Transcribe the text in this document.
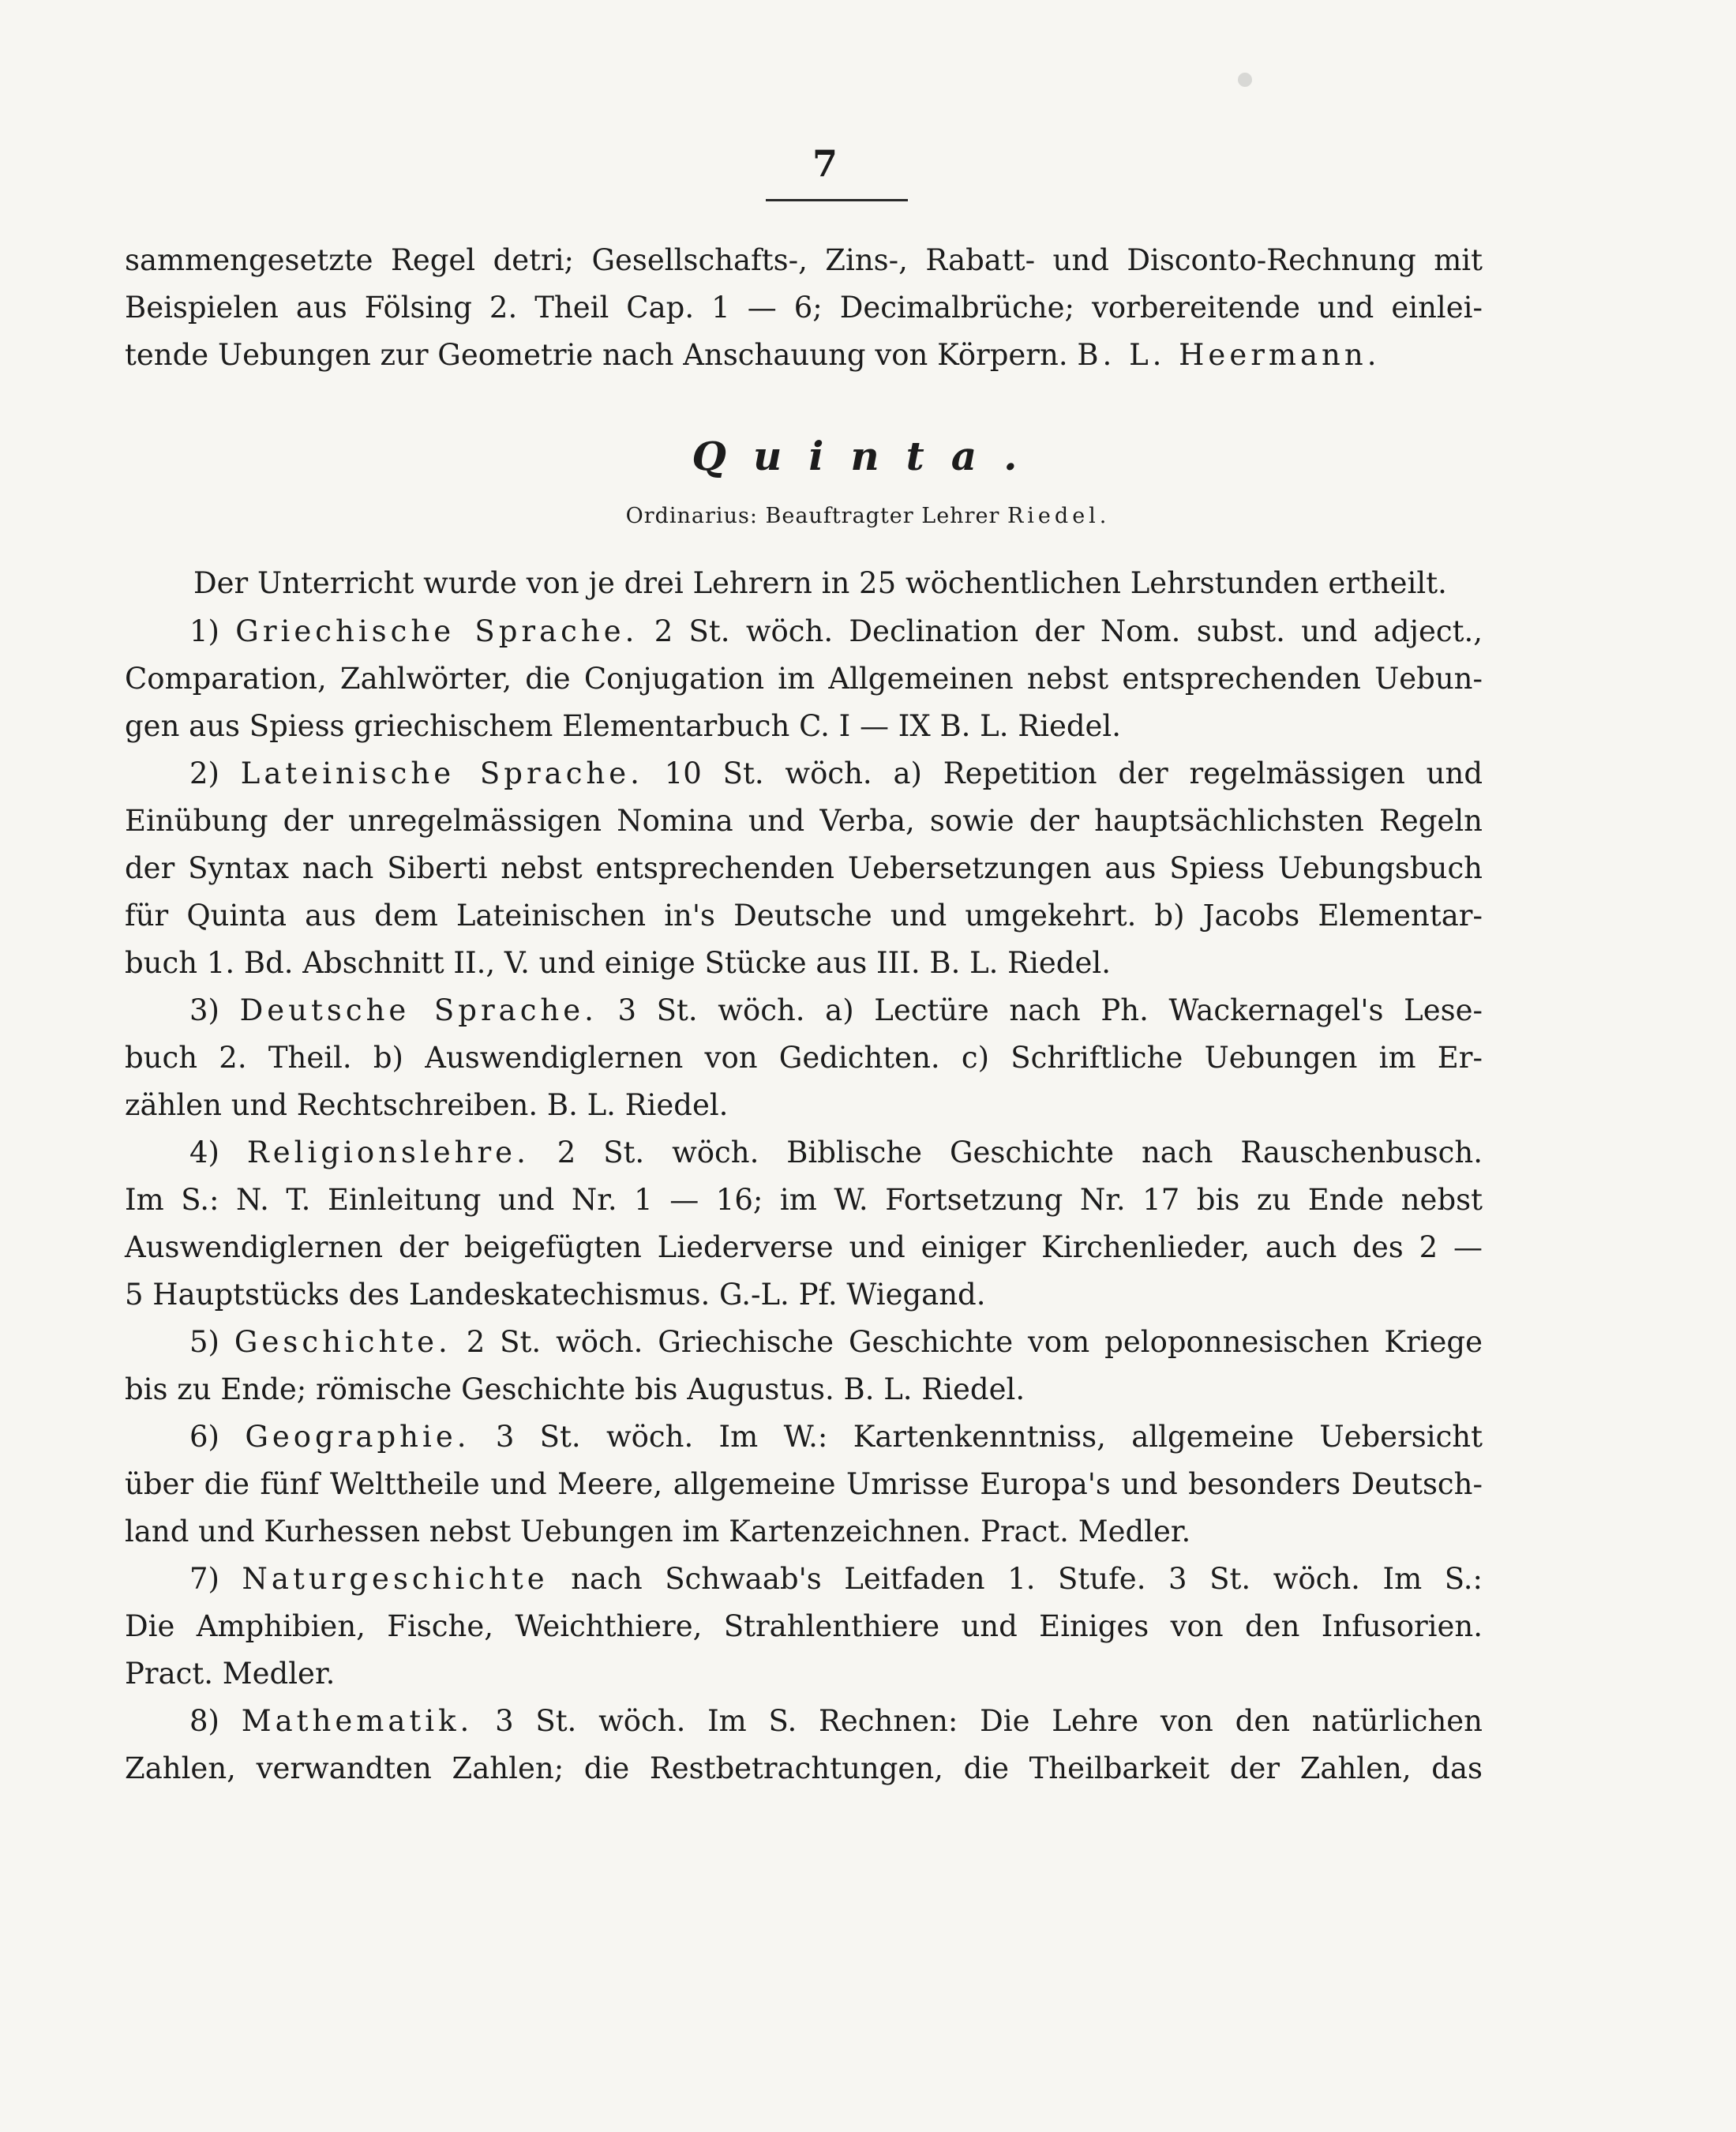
7
sammengesetzte Regel detri; Gesellschafts-, Zins-, Rabatt- und Disconto-Rechnung mit
Beispielen aus Fölsing 2. Theil Cap. 1 — 6; Decimalbrüche; vorbereitende und einlei-
tende Uebungen zur Geometrie nach Anschauung von Körpern. B. L. Heermann.
Quinta.
Ordinarius: Beauftragter Lehrer Riedel.
Der Unterricht wurde von je drei Lehrern in 25 wöchentlichen Lehrstunden ertheilt.
1) Griechische Sprache. 2 St. wöch. Declination der Nom. subst. und adject.,
Comparation, Zahlwörter, die Conjugation im Allgemeinen nebst entsprechenden Uebun-
gen aus Spiess griechischem Elementarbuch C. I — IX B. L. Riedel.
2) Lateinische Sprache. 10 St. wöch. a) Repetition der regelmässigen und
Einübung der unregelmässigen Nomina und Verba, sowie der hauptsächlichsten Regeln
der Syntax nach Siberti nebst entsprechenden Uebersetzungen aus Spiess Uebungsbuch
für Quinta aus dem Lateinischen in's Deutsche und umgekehrt. b) Jacobs Elementar-
buch 1. Bd. Abschnitt II., V. und einige Stücke aus III. B. L. Riedel.
3) Deutsche Sprache. 3 St. wöch. a) Lectüre nach Ph. Wackernagel's Lese-
buch 2. Theil. b) Auswendiglernen von Gedichten. c) Schriftliche Uebungen im Er-
zählen und Rechtschreiben. B. L. Riedel.
4) Religionslehre. 2 St. wöch. Biblische Geschichte nach Rauschenbusch.
Im S.: N. T. Einleitung und Nr. 1 — 16; im W. Fortsetzung Nr. 17 bis zu Ende nebst
Auswendiglernen der beigefügten Liederverse und einiger Kirchenlieder, auch des 2 —
5 Hauptstücks des Landeskatechismus. G.-L. Pf. Wiegand.
5) Geschichte. 2 St. wöch. Griechische Geschichte vom peloponnesischen Kriege
bis zu Ende; römische Geschichte bis Augustus. B. L. Riedel.
6) Geographie. 3 St. wöch. Im W.: Kartenkenntniss, allgemeine Uebersicht
über die fünf Welttheile und Meere, allgemeine Umrisse Europa's und besonders Deutsch-
land und Kurhessen nebst Uebungen im Kartenzeichnen. Pract. Medler.
7) Naturgeschichte nach Schwaab's Leitfaden 1. Stufe. 3 St. wöch. Im S.:
Die Amphibien, Fische, Weichthiere, Strahlenthiere und Einiges von den Infusorien.
Pract. Medler.
8) Mathematik. 3 St. wöch. Im S. Rechnen: Die Lehre von den natürlichen
Zahlen, verwandten Zahlen; die Restbetrachtungen, die Theilbarkeit der Zahlen, das
